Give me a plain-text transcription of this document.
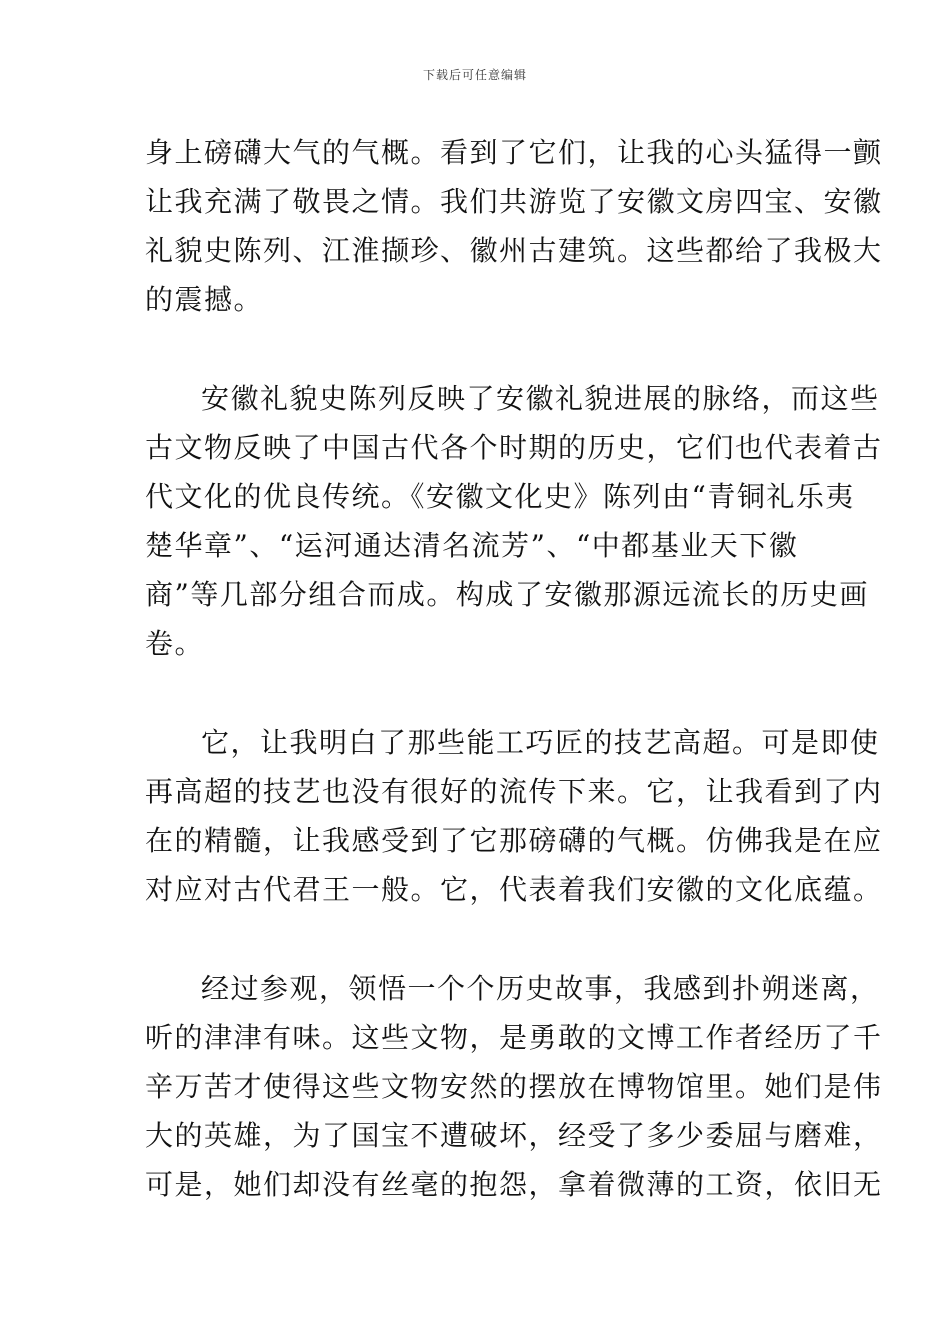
下载后可任意编辑
身上磅礴大气的气概。看到了它们，让我的心头猛得一颤
让我充满了敬畏之情。我们共游览了安徽文房四宝、安徽
礼貌史陈列、江淮撷珍、徽州古建筑。这些都给了我极大
的震撼。
安徽礼貌史陈列反映了安徽礼貌进展的脉络，而这些
古文物反映了中国古代各个时期的历史，它们也代表着古
代文化的优良传统。《安徽文化史》陈列由“青铜礼乐夷
楚华章”、“运河通达清名流芳”、“中都基业天下徽
商”等几部分组合而成。构成了安徽那源远流长的历史画
卷。
它，让我明白了那些能工巧匠的技艺高超。可是即使
再高超的技艺也没有很好的流传下来。它，让我看到了内
在的精髓，让我感受到了它那磅礴的气概。仿佛我是在应
对应对古代君王一般。它，代表着我们安徽的文化底蕴。
经过参观，领悟一个个历史故事，我感到扑朔迷离，
听的津津有味。这些文物，是勇敢的文博工作者经历了千
辛万苦才使得这些文物安然的摆放在博物馆里。她们是伟
大的英雄，为了国宝不遭破坏，经受了多少委屈与磨难，
可是，她们却没有丝毫的抱怨，拿着微薄的工资，依旧无
